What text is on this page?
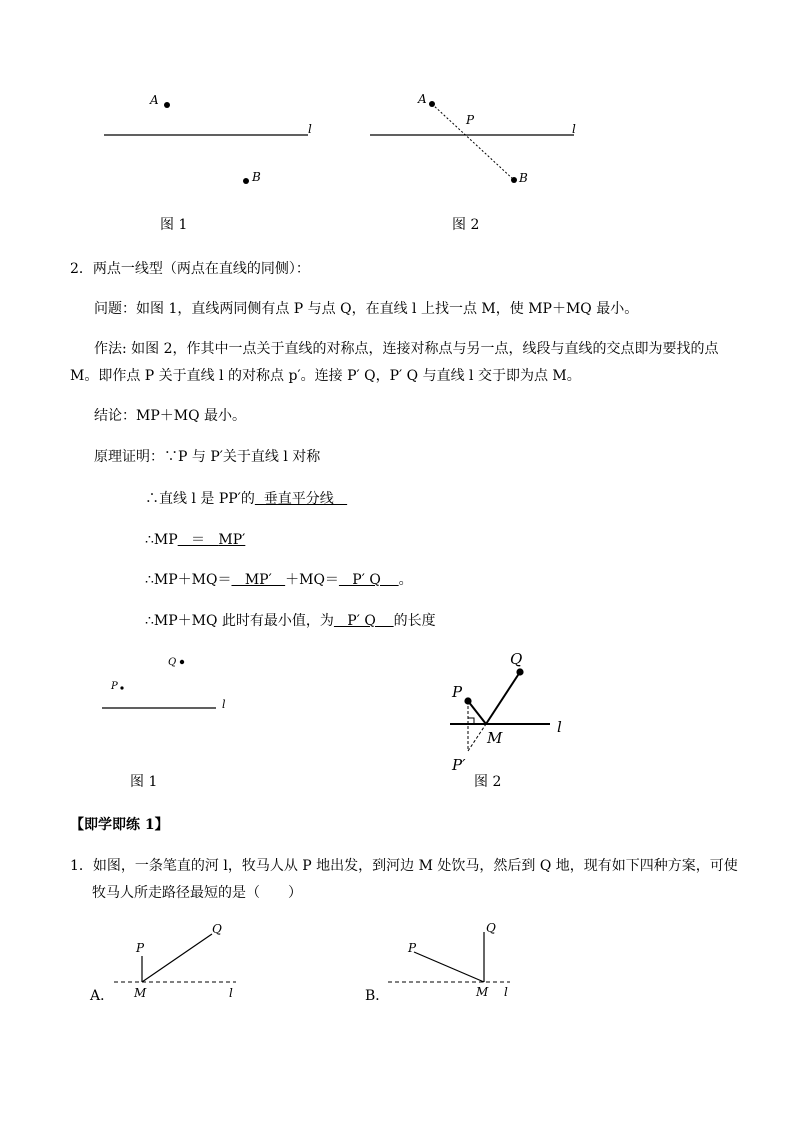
A
B
l
图 1
A
P
B
l
图 2
2．两点一线型（两点在直线的同侧）：
问题：如图 1，直线两同侧有点 P 与点 Q，在直线 l 上找一点 M，使 MP＋MQ 最小。
作法: 如图 2，作其中一点关于直线的对称点，连接对称点与另一点，线段与直线的交点即为要找的点
M。即作点 P 关于直线 l 的对称点 p′。连接 P′ Q，P′ Q 与直线 l 交于即为点 M。
结论：MP＋MQ 最小。
原理证明：∵P 与 P′关于直线 l 对称
∴直线 l 是 PP′的  垂直平分线
∴MP   ＝   MP′
∴MP＋MQ＝   MP′   ＋MQ＝   P′ Q    。
∴MP＋MQ 此时有最小值，为   P′ Q    的长度
Q
P
l
图 1
Q
P
M
P′
l
图 2
【即学即练 1】
1．如图，一条笔直的河 l，牧马人从 P 地出发，到河边 M 处饮马，然后到 Q 地，现有如下四种方案，可使
牧马人所走路径最短的是（　　）
A．
P
Q
M	l	B．
P
Q
M l
